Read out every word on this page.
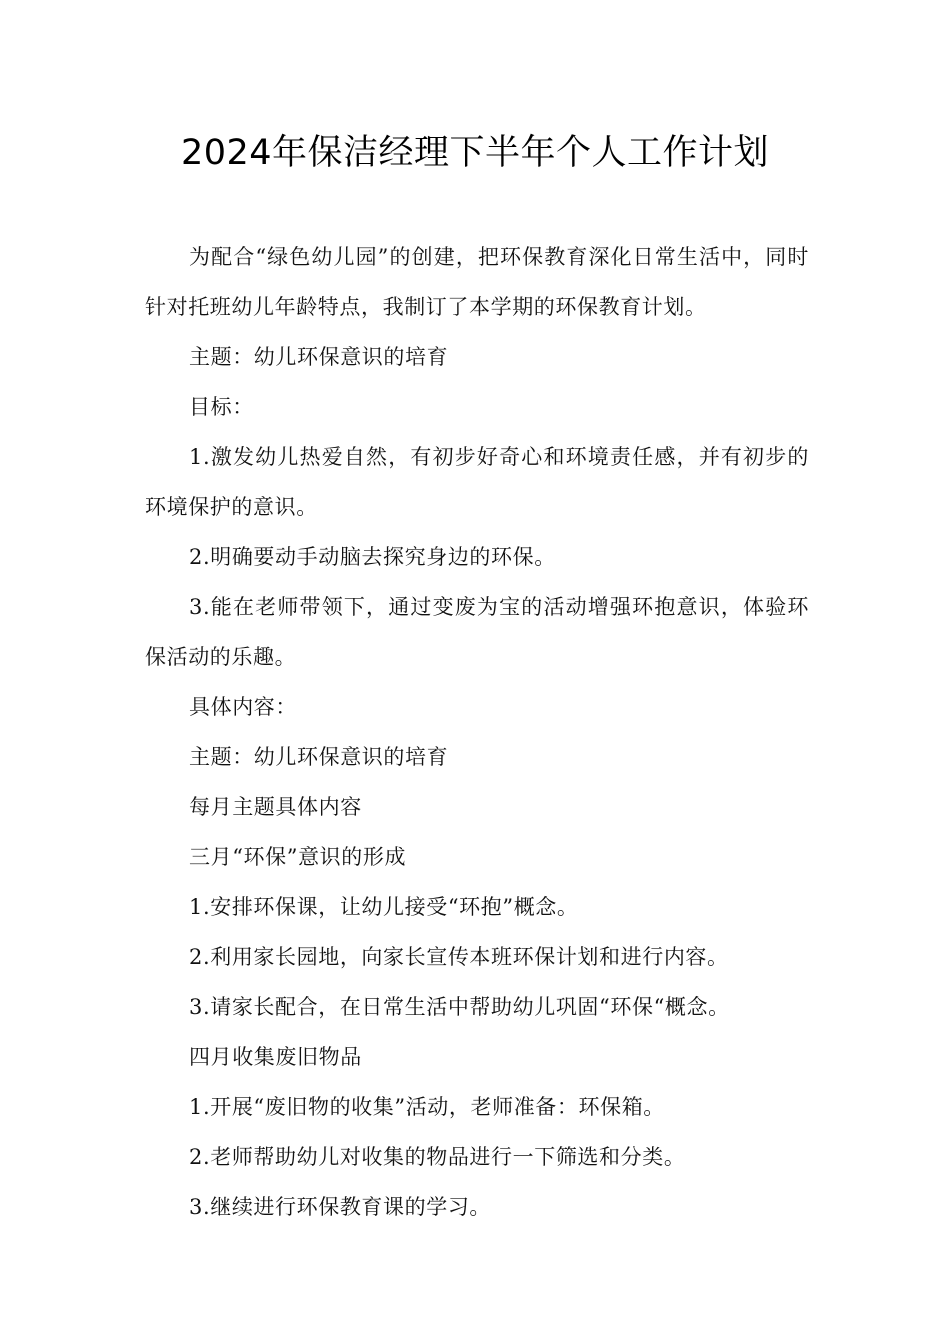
2024年保洁经理下半年个人工作计划

为配合“绿色幼儿园”的创建，把环保教育深化日常生活中，同时针对托班幼儿年龄特点，我制订了本学期的环保教育计划。

主题：幼儿环保意识的培育

目标：

1.激发幼儿热爱自然，有初步好奇心和环境责任感，并有初步的环境保护的意识。

2.明确要动手动脑去探究身边的环保。

3.能在老师带领下，通过变废为宝的活动增强环抱意识，体验环保活动的乐趣。

具体内容：

主题：幼儿环保意识的培育

每月主题具体内容

三月“环保”意识的形成

1.安排环保课，让幼儿接受“环抱”概念。

2.利用家长园地，向家长宣传本班环保计划和进行内容。

3.请家长配合，在日常生活中帮助幼儿巩固“环保“概念。

四月收集废旧物品

1.开展“废旧物的收集”活动，老师准备：环保箱。

2.老师帮助幼儿对收集的物品进行一下筛选和分类。

3.继续进行环保教育课的学习。
